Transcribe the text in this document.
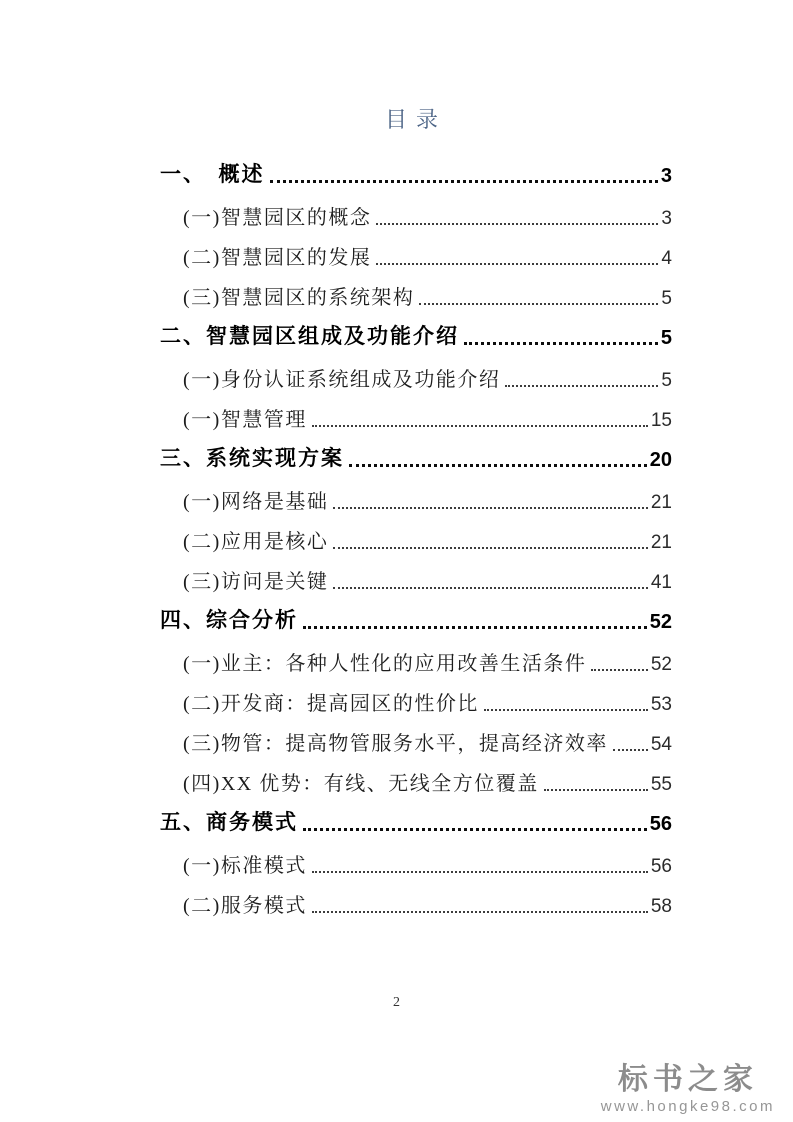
目录
一、　概述	3
(一)智慧园区的概念	3
(二)智慧园区的发展	4
(三)智慧园区的系统架构	5
二、智慧园区组成及功能介绍	5
(一)身份认证系统组成及功能介绍	5
(一)智慧管理	15
三、系统实现方案	20
(一)网络是基础	21
(二)应用是核心	21
(三)访问是关键	41
四、综合分析	52
(一)业主：各种人性化的应用改善生活条件	52
(二)开发商：提高园区的性价比	53
(三)物管：提高物管服务水平，提高经济效率 54
(四)XX 优势：有线、无线全方位覆盖	55
五、商务模式	56
(一)标准模式	56
(二)服务模式	58
2
标书之家
www.hongke98.com
